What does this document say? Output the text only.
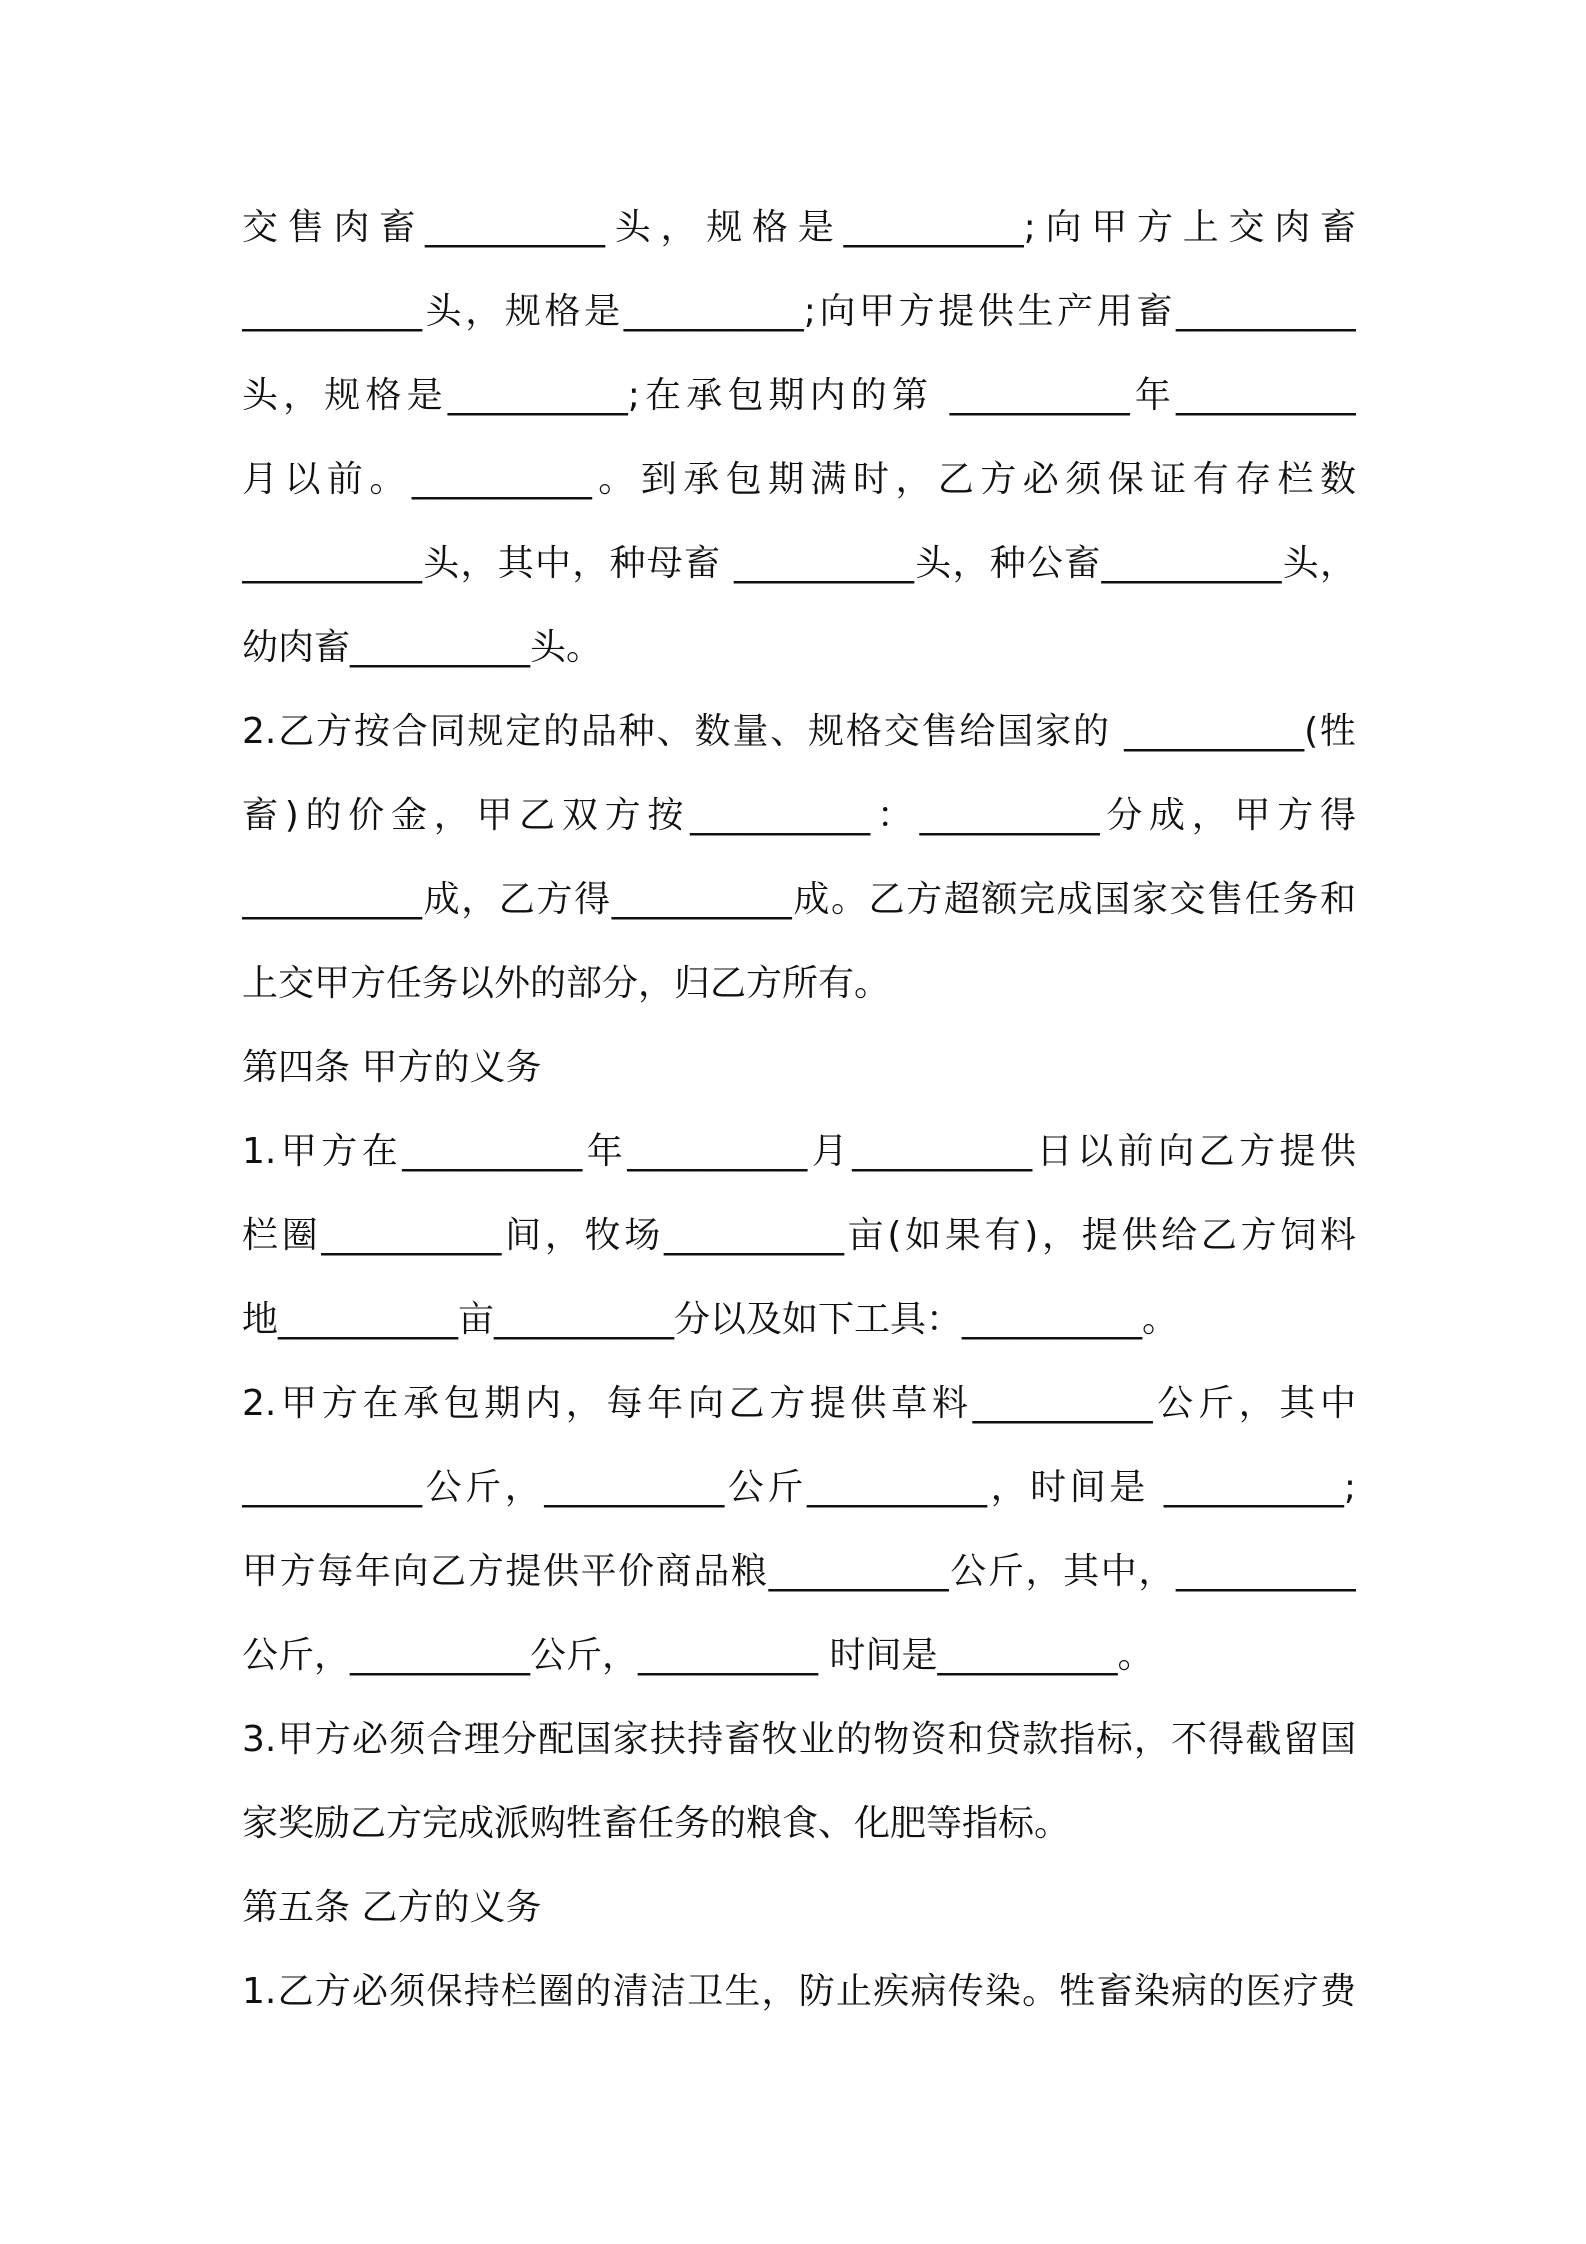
交售肉畜__________头，规格是__________;向甲方上交肉畜
__________头，规格是__________;向甲方提供生产用畜__________
头，规格是__________;在承包期内的第 __________年__________
月以前。__________。到承包期满时，乙方必须保证有存栏数
__________头，其中，种母畜 __________头，种公畜__________头，
幼肉畜__________头。
2.乙方按合同规定的品种、数量、规格交售给国家的 __________(牲
畜)的价金，甲乙双方按__________：__________分成，甲方得
__________成，乙方得__________成。乙方超额完成国家交售任务和
上交甲方任务以外的部分，归乙方所有。
第四条 甲方的义务
1.甲方在__________年__________月__________日以前向乙方提供
栏圈__________间，牧场__________亩(如果有)，提供给乙方饲料
地__________亩__________分以及如下工具：__________。
2.甲方在承包期内，每年向乙方提供草料__________公斤，其中
__________公斤，__________公斤__________，时间是 __________;
甲方每年向乙方提供平价商品粮__________公斤，其中，__________
公斤，__________公斤，__________ 时间是__________。
3.甲方必须合理分配国家扶持畜牧业的物资和贷款指标，不得截留国
家奖励乙方完成派购牲畜任务的粮食、化肥等指标。
第五条 乙方的义务
1.乙方必须保持栏圈的清洁卫生，防止疾病传染。牲畜染病的医疗费
